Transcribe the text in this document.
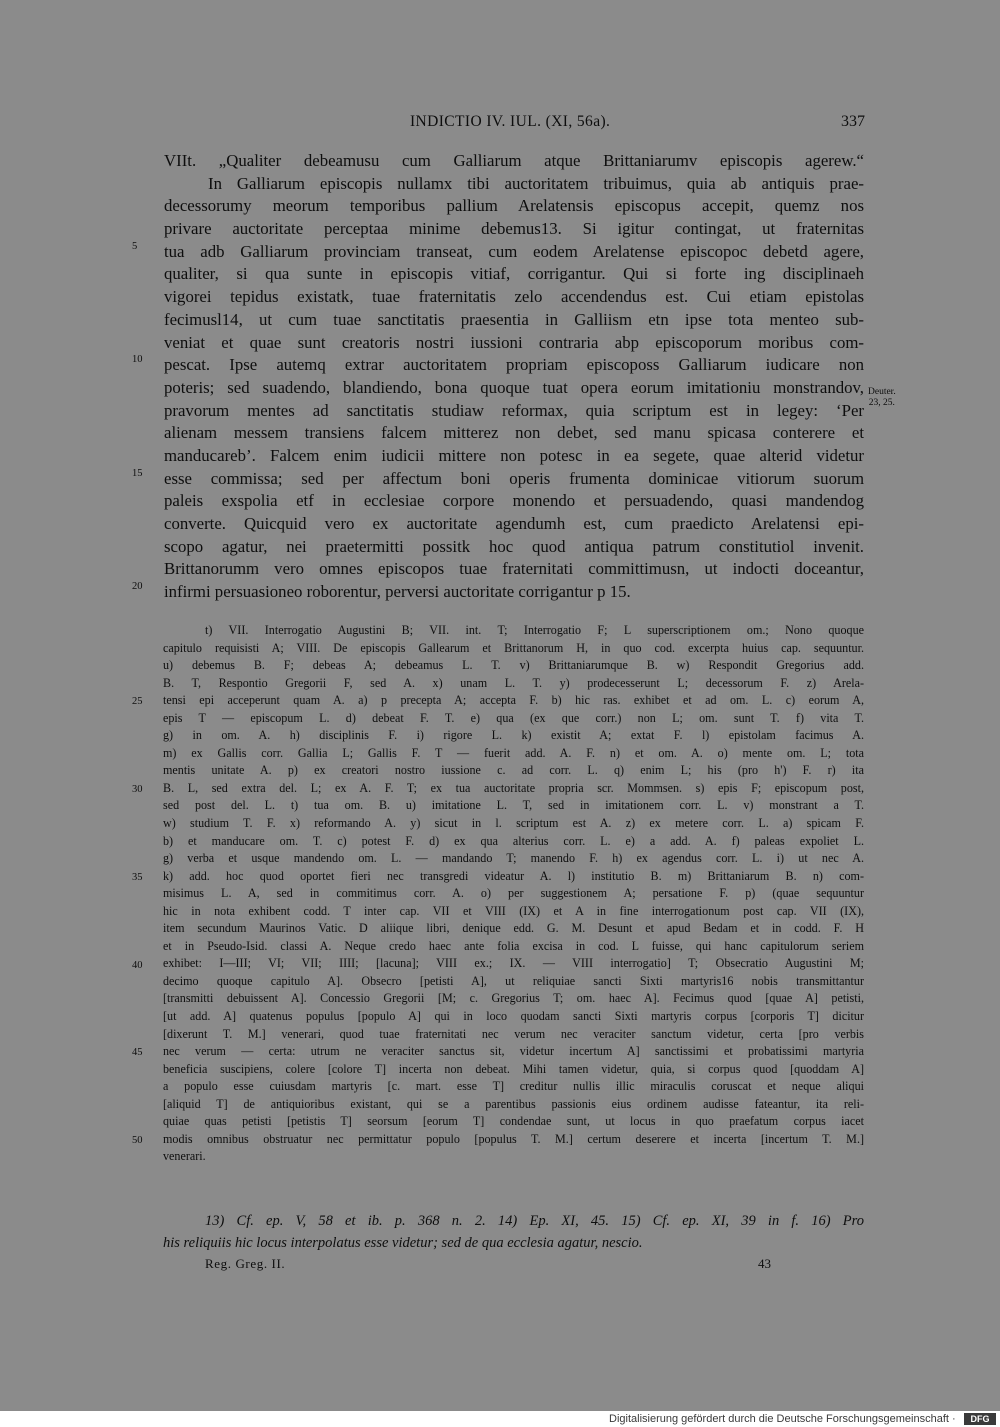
INDICTIO IV. IUL. (XI, 56a).	337
VIIt. „Qualiter debeamusu cum Galliarum atque Brittaniarumv episcopis agerew.“
In Galliarum episcopis nullamx tibi auctoritatem tribuimus, quia ab antiquis prae-
decessorumy meorum temporibus pallium Arelatensis episcopus accepit, quemz nos
privare auctoritate perceptaa minime debemus13. Si igitur contingat, ut fraternitas
tua adb Galliarum provinciam transeat, cum eodem Arelatense episcopoc debetd agere,
qualiter, si qua sunte in episcopis vitiaf, corrigantur. Qui si forte ing disciplinaeh
vigorei tepidus existatk, tuae fraternitatis zelo accendendus est. Cui etiam epistolas
fecimusl14, ut cum tuae sanctitatis praesentia in Galliism etn ipse tota menteo sub-
veniat et quae sunt creatoris nostri iussioni contraria abp episcoporum moribus com-
pescat. Ipse autemq extrar auctoritatem propriam episcoposs Galliarum iudicare non
poteris; sed suadendo, blandiendo, bona quoque tuat opera eorum imitationiu monstrandov,
pravorum mentes ad sanctitatis studiaw reformax, quia scriptum est in legey: ‘Per
alienam messem transiens falcem mitterez non debet, sed manu spicasa conterere et
manducareb’. Falcem enim iudicii mittere non potesc in ea segete, quae alterid videtur
esse commissa; sed per affectum boni operis frumenta dominicae vitiorum suorum
paleis exspolia etf in ecclesiae corpore monendo et persuadendo, quasi mandendog
converte. Quicquid vero ex auctoritate agendumh est, cum praedicto Arelatensi epi-
scopo agatur, nei praetermitti possitk hoc quod antiqua patrum constitutiol invenit.
Brittanorumm vero omnes episcopos tuae fraternitati committimusn, ut indocti doceantur,
infirmi persuasioneo roborentur, perversi auctoritate corrigantur p 15.
5
10
15
20
Deuter.
23, 25.
t) VII. Interrogatio Augustini B; VII. int. T; Interrogatio F; L superscriptionem om.; Nono quoque
capitulo requisisti A; VIII. De episcopis Gallearum et Brittanorum H, in quo cod. excerpta huius cap. sequuntur.
u) debemus B. F; debeas A; debeamus L. T. v) Brittaniarumque B. w) Respondit Gregorius add.
B. T, Respontio Gregorii F, sed A. x) unam L. T. y) prodecesserunt L; decessorum F. z) Arela-
tensi epi acceperunt quam A. a) p precepta A; accepta F. b) hic ras. exhibet et ad om. L. c) eorum A,
epis T — episcopum L. d) debeat F. T. e) qua (ex que corr.) non L; om. sunt T. f) vita T.
g) in om. A. h) disciplinis F. i) rigore L. k) existit A; extat F. l) epistolam facimus A.
m) ex Gallis corr. Gallia L; Gallis F. T — fuerit add. A. F. n) et om. A. o) mente om. L; tota
mentis unitate A. p) ex creatori nostro iussione c. ad corr. L. q) enim L; his (pro h') F. r) ita
B. L, sed extra del. L; ex A. F. T; ex tua auctoritate propria scr. Mommsen. s) epis F; episcopum post,
sed post del. L. t) tua om. B. u) imitatione L. T, sed in imitationem corr. L. v) monstrant a T.
w) studium T. F. x) reformando A. y) sicut in l. scriptum est A. z) ex metere corr. L. a) spicam F.
b) et manducare om. T. c) potest F. d) ex qua alterius corr. L. e) a add. A. f) paleas expoliet L.
g) verba et usque mandendo om. L. — mandando T; manendo F. h) ex agendus corr. L. i) ut nec A.
k) add. hoc quod oportet fieri nec transgredi videatur A. l) institutio B. m) Brittaniarum B. n) com-
misimus L. A, sed in commitimus corr. A. o) per suggestionem A; persatione F. p) (quae sequuntur
hic in nota exhibent codd. T inter cap. VII et VIII (IX) et A in fine interrogationum post cap. VII (IX),
item secundum Maurinos Vatic. D aliique libri, denique edd. G. M. Desunt et apud Bedam et in codd. F. H
et in Pseudo-Isid. classi A. Neque credo haec ante folia excisa in cod. L fuisse, qui hanc capitulorum seriem
exhibet: I—III; VI; VII; IIII; [lacuna]; VIII ex.; IX. — VIII interrogatio] T; Obsecratio Augustini M;
decimo quoque capitulo A]. Obsecro [petisti A], ut reliquiae sancti Sixti martyris16 nobis transmittantur
[transmitti debuissent A]. Concessio Gregorii [M; c. Gregorius T; om. haec A]. Fecimus quod [quae A] petisti,
[ut add. A] quatenus populus [populo A] qui in loco quodam sancti Sixti martyris corpus [corporis T] dicitur
[dixerunt T. M.] venerari, quod tuae fraternitati nec verum nec veraciter sanctum videtur, certa [pro verbis
nec verum — certa: utrum ne veraciter sanctus sit, videtur incertum A] sanctissimi et probatissimi martyria
beneficia suscipiens, colere [colore T] incerta non debeat. Mihi tamen videtur, quia, si corpus quod [quoddam A]
a populo esse cuiusdam martyris [c. mart. esse T] creditur nullis illic miraculis coruscat et neque aliqui
[aliquid T] de antiquioribus existant, qui se a parentibus passionis eius ordinem audisse fateantur, ita reli-
quiae quas petisti [petistis T] seorsum [eorum T] condendae sunt, ut locus in quo praefatum corpus iacet
modis omnibus obstruatur nec permittatur populo [populus T. M.] certum deserere et incerta [incertum T. M.]
venerari.
25
30
35
40
45
50
13) Cf. ep. V, 58 et ib. p. 368 n. 2. 14) Ep. XI, 45. 15) Cf. ep. XI, 39 in f. 16) Pro
his reliquiis hic locus interpolatus esse videtur; sed de qua ecclesia agatur, nescio.
Reg. Greg. II.	43
Digitalisierung gefördert durch die Deutsche Forschungsgemeinschaft ·	DFG
